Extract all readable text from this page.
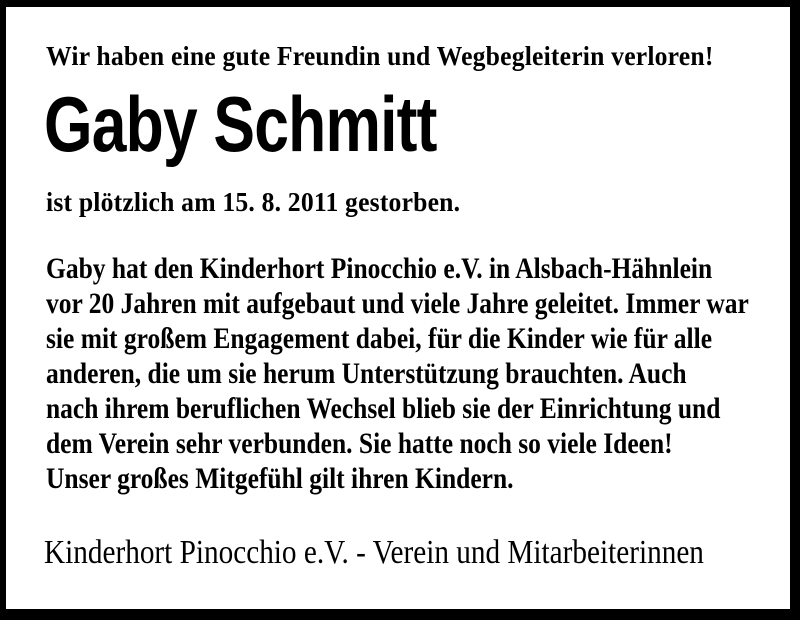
Wir haben eine gute Freundin und Wegbegleiterin verloren!
Gaby Schmitt
ist plötzlich am 15. 8. 2011 gestorben.
Gaby hat den Kinderhort Pinocchio e.V. in Alsbach-Hähnlein
vor 20 Jahren mit aufgebaut und viele Jahre geleitet. Immer war
sie mit großem Engagement dabei, für die Kinder wie für alle
anderen, die um sie herum Unterstützung brauchten. Auch
nach ihrem beruflichen Wechsel blieb sie der Einrichtung und
dem Verein sehr verbunden. Sie hatte noch so viele Ideen!
Unser großes Mitgefühl gilt ihren Kindern.
Kinderhort Pinocchio e.V. - Verein und Mitarbeiterinnen
